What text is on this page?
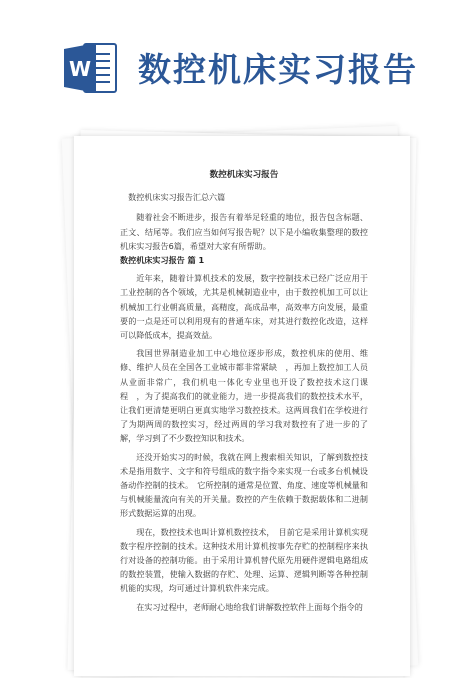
W 数控机床实习报告
数控机床实习报告

数控机床实习报告汇总六篇

随着社会不断进步，报告有着举足轻重的地位，报告包含标题、正文、结尾等。我们应当如何写报告呢？以下是小编收集整理的数控机床实习报告6篇，希望对大家有所帮助。

数控机床实习报告 篇 1

近年来，随着计算机技术的发展，数字控制技术已经广泛应用于工业控制的各个领域，尤其是机械制造业中，由于数控机加工可以让机械加工行业朝高质量，高精度，高成品率，高效率方向发展，最重要的一点是还可以利用现有的普通车床，对其进行数控化改造，这样可以降低成本，提高效益。

我国世界制造业加工中心地位逐步形成，数控机床的使用、维修、维护人员在全国各工业城市都非常紧缺　，再加上数控加工人员从业面非常广，我们机电一体化专业里也开设了数控技术这门课程　，为了提高我们的就业能力，进一步提高我们的数控技术水平，让我们更清楚更明白更真实地学习数控技术。这两周我们在学校进行了为期两周的数控实习，经过两周的学习我对数控有了进一步的了解，学习到了不少数控知识和技术。

还没开始实习的时候，我就在网上搜索相关知识，了解到数控技术是指用数字、文字和符号组成的数字指令来实现一台或多台机械设备动作控制的技术。　它所控制的通常是位置、角度、速度等机械量和与机械能量流向有关的开关量。数控的产生依赖于数据载体和二进制形式数据运算的出现。

现在，数控技术也叫计算机数控技术，　目前它是采用计算机实现数字程序控制的技术。这种技术用计算机按事先存贮的控制程序来执行对设备的控制功能。由于采用计算机替代原先用硬件逻辑电路组成的数控装置，使输入数据的存贮、处理、运算、逻辑判断等各种控制机能的实现，均可通过计算机软件来完成。

在实习过程中，老师耐心地给我们讲解数控软件上面每个指令的
